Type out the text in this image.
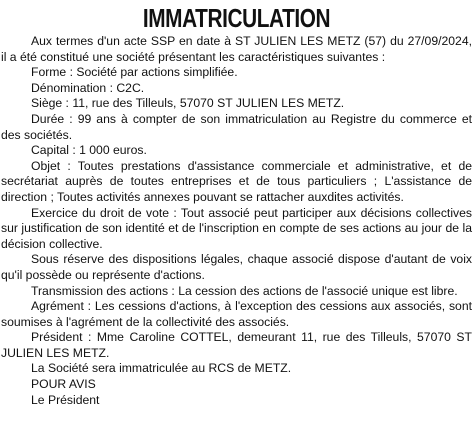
IMMATRICULATION

Aux termes d'un acte SSP en date à ST JULIEN LES METZ (57) du 27/09/2024, il a été constitué une société présentant les caractéristiques suivantes :

Forme : Société par actions simplifiée.

Dénomination : C2C.

Siège : 11, rue des Tilleuls, 57070 ST JULIEN LES METZ.

Durée : 99 ans à compter de son immatriculation au Registre du commerce et des sociétés.

Capital : 1 000 euros.

Objet : Toutes prestations d'assistance commerciale et administrative, et de secrétariat auprès de toutes entreprises et de tous particuliers ; L'assistance de direction ; Toutes activités annexes pouvant se rattacher auxdites activités.

Exercice du droit de vote : Tout associé peut participer aux décisions collectives sur justification de son identité et de l'inscription en compte de ses actions au jour de la décision collective.

Sous réserve des dispositions légales, chaque associé dispose d'autant de voix qu'il possède ou représente d'actions.

Transmission des actions : La cession des actions de l'associé unique est libre.

Agrément : Les cessions d'actions, à l'exception des cessions aux associés, sont soumises à l'agrément de la collectivité des associés.

Président : Mme Caroline COTTEL, demeurant 11, rue des Tilleuls, 57070 ST JULIEN LES METZ.

La Société sera immatriculée au RCS de METZ.

POUR AVIS

Le Président
